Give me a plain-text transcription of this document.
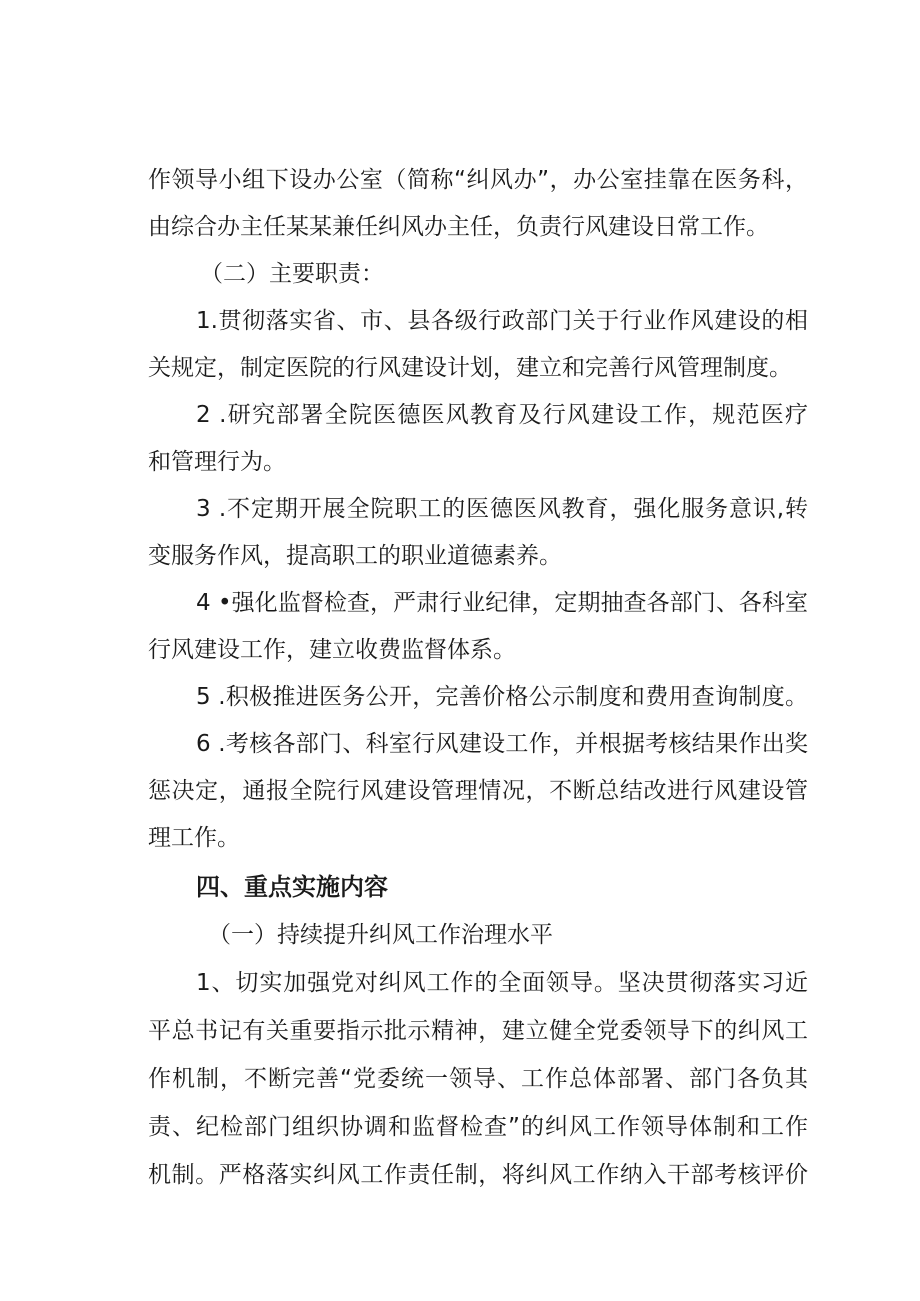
作领导小组下设办公室（简称“纠风办”，办公室挂靠在医务科，
由综合办主任某某兼任纠风办主任，负责行风建设日常工作。
（二）主要职责：
1.贯彻落实省、市、县各级行政部门关于行业作风建设的相
关规定，制定医院的行风建设计划，建立和完善行风管理制度。
2 .研究部署全院医德医风教育及行风建设工作，规范医疗
和管理行为。
3 .不定期开展全院职工的医德医风教育，强化服务意识,转
变服务作风，提高职工的职业道德素养。
4 •强化监督检查，严肃行业纪律，定期抽查各部门、各科室
行风建设工作，建立收费监督体系。
5 .积极推进医务公开，完善价格公示制度和费用查询制度。
6 .考核各部门、科室行风建设工作，并根据考核结果作出奖
惩决定，通报全院行风建设管理情况，不断总结改进行风建设管
理工作。
四、重点实施内容
（一）持续提升纠风工作治理水平
1、切实加强党对纠风工作的全面领导。坚决贯彻落实习近
平总书记有关重要指示批示精神，建立健全党委领导下的纠风工
作机制，不断完善“党委统一领导、工作总体部署、部门各负其
责、纪检部门组织协调和监督检查”的纠风工作领导体制和工作
机制。严格落实纠风工作责任制，将纠风工作纳入干部考核评价
